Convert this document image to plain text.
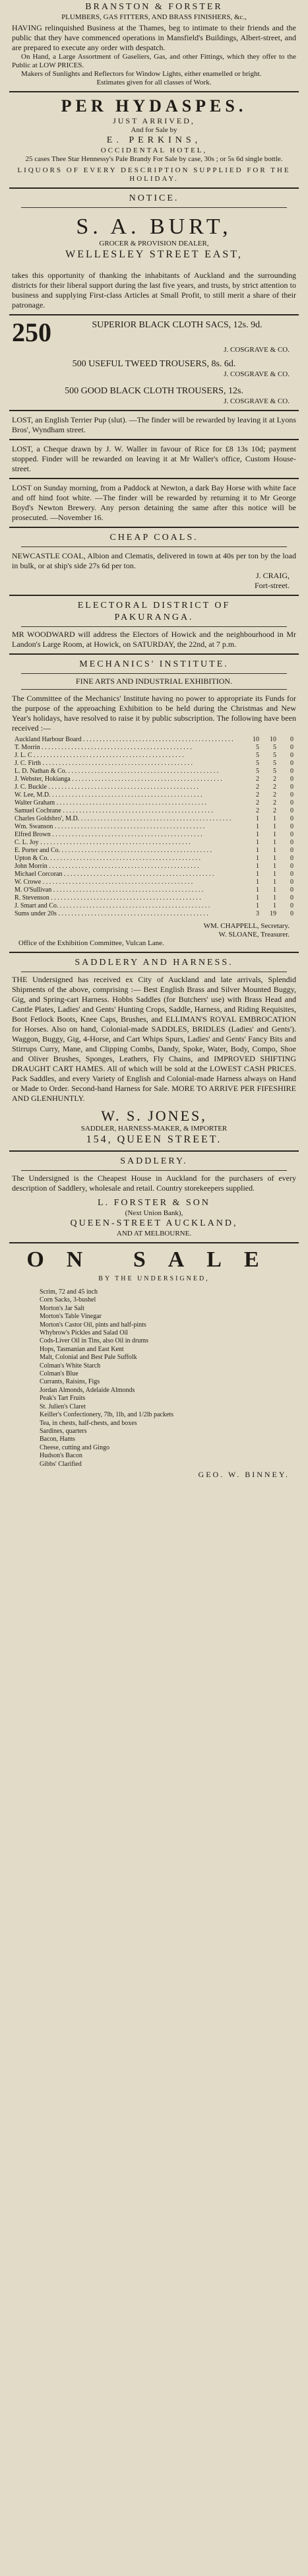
BRANSTON & FORSTER

PLUMBERS, GAS FITTERS, AND BRASS FINISHERS, &c.,

HAVING relinquished Business at the Thames, beg to intimate to their friends and the public that they have commenced operations in Mansfield's Buildings, Albert-street, and are prepared to execute any order with despatch.

On Hand, a Large Assortment of Gaseliers, Gas, and other Fittings, which they offer to the Public at LOW PRICES.

Makers of Sunlights and Reflectors for Window Lights, either enamelled or bright.

Estimates given for all classes of Work.

PER HYDASPES.

JUST ARRIVED,

And for Sale by

E. PERKINS,

OCCIDENTAL HOTEL,

25 cases Thee Star Hennessy's Pale Brandy For Sale by case, 30s ; or 5s 6d single bottle.

LIQUORS OF EVERY DESCRIPTION SUPPLIED FOR THE HOLIDAY.

NOTICE.

S. A. BURT,

GROCER & PROVISION DEALER,

WELLESLEY STREET EAST,

takes this opportunity of thanking the inhabitants of Auckland and the surrounding districts for their liberal support during the last five years, and trusts, by strict attention to business and supplying First-class Articles at Small Profit, to still merit a share of their patronage.

250	SUPERIOR BLACK CLOTH SACS, 12s. 9d.

J. COSGRAVE & CO.

500 USEFUL TWEED TROUSERS, 8s. 6d.

J. COSGRAVE & CO.

500 GOOD BLACK CLOTH TROUSERS, 12s.

J. COSGRAVE & CO.

LOST, an English Terrier Pup (slut). —The finder will be rewarded by leaving it at Lyons Bros', Wyndham street.

LOST, a Cheque drawn by J. W. Waller in favour of Rice for £8 13s 10d; payment stopped. Finder will be rewarded on leaving it at Mr Waller's office, Custom House-street.

LOST on Sunday morning, from a Paddock at Newton, a dark Bay Horse with white face and off hind foot white. —The finder will be rewarded by returning it to Mr George Boyd's Newton Brewery. Any person detaining the same after this notice will be prosecuted. —November 16.

CHEAP COALS.

NEWCASTLE COAL, Albion and Clematis, delivered in town at 40s per ton by the load in bulk, or at ship's side 27s 6d per ton.

J. CRAIG,

Fort-street.

ELECTORAL DISTRICT OF

PAKURANGA.

MR WOODWARD will address the Electors of Howick and the neighbourhood in Mr Landon's Large Room, at Howick, on SATURDAY, the 22nd, at 7 p.m.

MECHANICS' INSTITUTE.

FINE ARTS AND INDUSTRIAL EXHIBITION.

The Committee of the Mechanics' Institute having no power to appropriate its Funds for the purpose of the approaching Exhibition to be held during the Christmas and New Year's holidays, have resolved to raise it by public subscription. The following have been received :—

Auckland Harbour Board . . .	10	10	0
T. Morrin . . .	5	5	0
J. L. C . . .	5	5	0
J. C. Firth . . .	5	5	0
L. D. Nathan & Co. . . .	5	5	0
J. Webster, Hokianga . . .	2	2	0
J. C. Buckle . . .	2	2	0
W. Lee, M.D. . . .	2	2	0
Walter Graham . . .	2	2	0
Samuel Cochrane . . .	2	2	0
Charles Goldsbro', M.D. . . .	1	1	0
Wm. Swanson . . .	1	1	0
Elfred Brown . . .	1	1	0
C. L. Joy . . .	1	1	0
E. Porter and Co. . . .	1	1	0
Upton & Co. . . .	1	1	0
John Morrin . . .	1	1	0
Michael Corcoran . . .	1	1	0
W. Crowe . . .	1	1	0
M. O'Sullivan . . .	1	1	0
R. Stevenson . . .	1	1	0
J. Smart and Co. . . .	1	1	0
Sums under 20s . . .	3	19	0

WM. CHAPPELL, Secretary.

W. SLOANE, Treasurer.

Office of the Exhibition Committee, Vulcan Lane.

SADDLERY AND HARNESS.

THE Undersigned has received ex City of Auckland and late arrivals, Splendid Shipments of the above, comprising :— Best English Brass and Silver Mounted Buggy, Gig, and Spring-cart Harness. Hobbs Saddles (for Butchers' use) with Brass Head and Cantle Plates, Ladies' and Gents' Hunting Crops, Saddle, Harness, and Riding Requisites, Boot Fetlock Boots, Knee Caps, Brushes, and ELLIMAN'S ROYAL EMBROCATION for Horses. Also on hand, Colonial-made SADDLES, BRIDLES (Ladies' and Gents'). Waggon, Buggy, Gig, 4-Horse, and Cart Whips Spurs, Ladies' and Gents' Fancy Bits and Stirrups Curry, Mane, and Clipping Combs, Dandy, Spoke, Water, Body, Compo, Shoe and Oliver Brushes, Sponges, Leathers, Fly Chains, and IMPROVED SHIFTING DRAUGHT CART HAMES. All of which will be sold at the LOWEST CASH PRICES. Pack Saddles, and every Variety of English and Colonial-made Harness always on Hand or Made to Order. Second-hand Harness for Sale. MORE TO ARRIVE PER FIFESHIRE AND GLENHUNTLY.

W. S. JONES,

SADDLER, HARNESS-MAKER, & IMPORTER

154, QUEEN STREET.

SADDLERY.

The Undersigned is the Cheapest House in Auckland for the purchasers of every description of Saddlery, wholesale and retail. Country storekeepers supplied.

L. FORSTER & SON

(Next Union Bank),

QUEEN-STREET AUCKLAND,

AND AT MELBOURNE.

ON SALE

BY THE UNDERSIGNED,

Scrim, 72 and 45 inch

Corn Sacks, 3-bushel

Morton's Jar Salt

Morton's Table Vinegar

Morton's Castor Oil, pints and half-pints

Whybrow's Pickles and Salad Oil

Cods-Liver Oil in Tins, also Oil in drums

Hops, Tasmanian and East Kent

Malt, Colonial and Best Pale Suffolk

Colman's White Starch

Colman's Blue

Currants, Raisins, Figs

Jordan Almonds, Adelaide Almonds

Peak's Tart Fruits

St. Julien's Claret

Keiller's Confectionery, 7lb, 1lb, and 1/2lb packets

Tea, in chests, half-chests, and boxes

Sardines, quarters

Bacon, Hams

Cheese, cutting and Gingo

Hudson's Bacon

Gibbs' Clarified

GEO. W. BINNEY.
